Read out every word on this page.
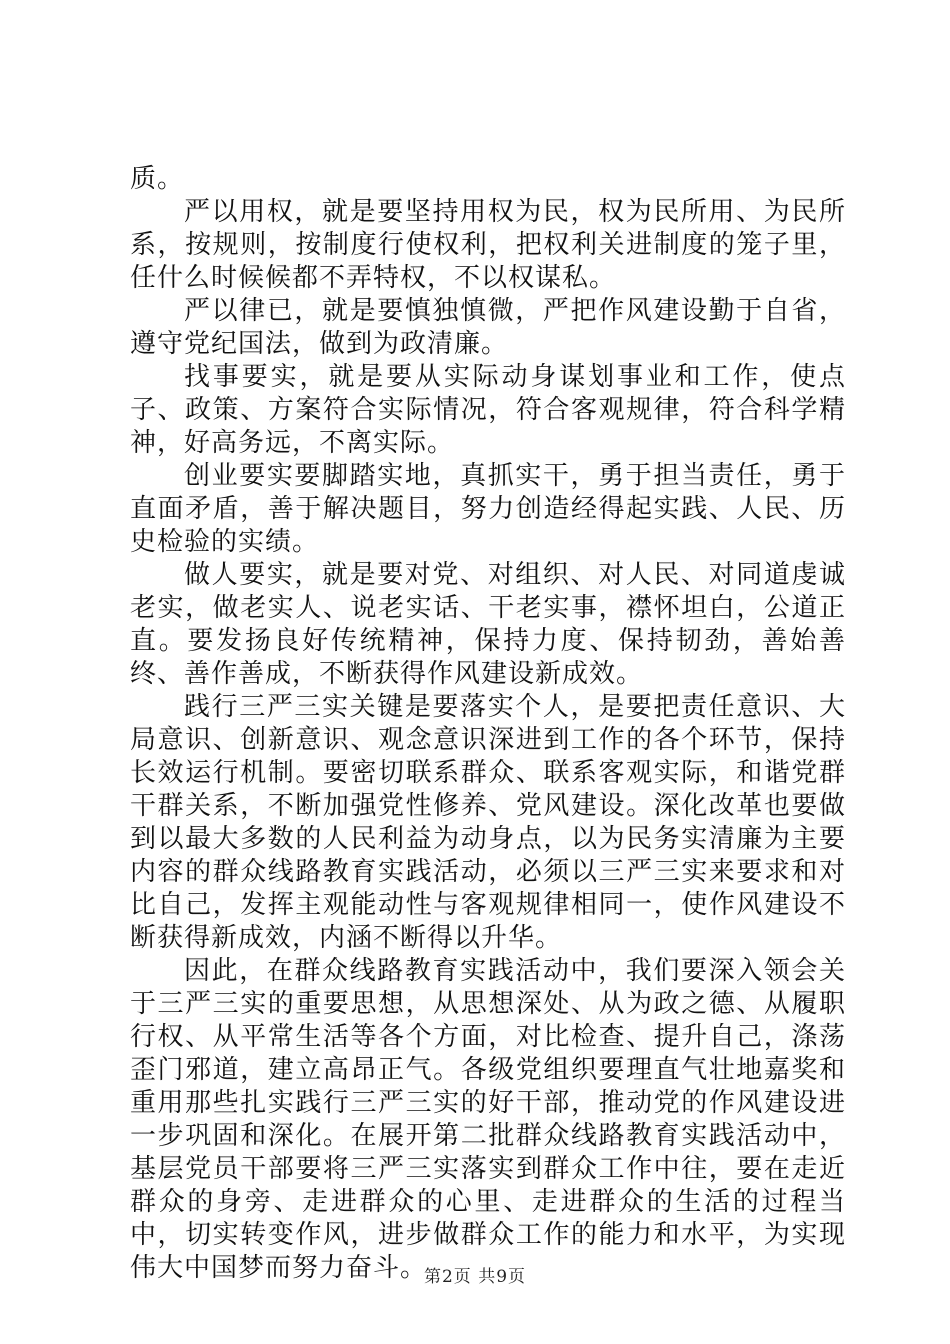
质。

严以用权，就是要坚持用权为民，权为民所用、为民所系，按规则，按制度行使权利，把权利关进制度的笼子里，任什么时候候都不弄特权，不以权谋私。

严以律已，就是要慎独慎微，严把作风建设勤于自省，遵守党纪国法，做到为政清廉。

找事要实，就是要从实际动身谋划事业和工作，使点子、政策、方案符合实际情况，符合客观规律，符合科学精神，好高务远，不离实际。

创业要实要脚踏实地，真抓实干，勇于担当责任，勇于直面矛盾，善于解决题目，努力创造经得起实践、人民、历史检验的实绩。

做人要实，就是要对党、对组织、对人民、对同道虔诚老实，做老实人、说老实话、干老实事，襟怀坦白，公道正直。要发扬良好传统精神，保持力度、保持韧劲，善始善终、善作善成，不断获得作风建设新成效。

践行三严三实关键是要落实个人，是要把责任意识、大局意识、创新意识、观念意识深进到工作的各个环节，保持长效运行机制。要密切联系群众、联系客观实际，和谐党群干群关系，不断加强党性修养、党风建设。深化改革也要做到以最大多数的人民利益为动身点，以为民务实清廉为主要内容的群众线路教育实践活动，必须以三严三实来要求和对比自己，发挥主观能动性与客观规律相同一，使作风建设不断获得新成效，内涵不断得以升华。

因此，在群众线路教育实践活动中，我们要深入领会关于三严三实的重要思想，从思想深处、从为政之德、从履职行权、从平常生活等各个方面，对比检查、提升自己，涤荡歪门邪道，建立高昂正气。各级党组织要理直气壮地嘉奖和重用那些扎实践行三严三实的好干部，推动党的作风建设进一步巩固和深化。在展开第二批群众线路教育实践活动中，基层党员干部要将三严三实落实到群众工作中往，要在走近群众的身旁、走进群众的心里、走进群众的生活的过程当中，切实转变作风，进步做群众工作的能力和水平，为实现伟大中国梦而努力奋斗。

第2页 共9页
